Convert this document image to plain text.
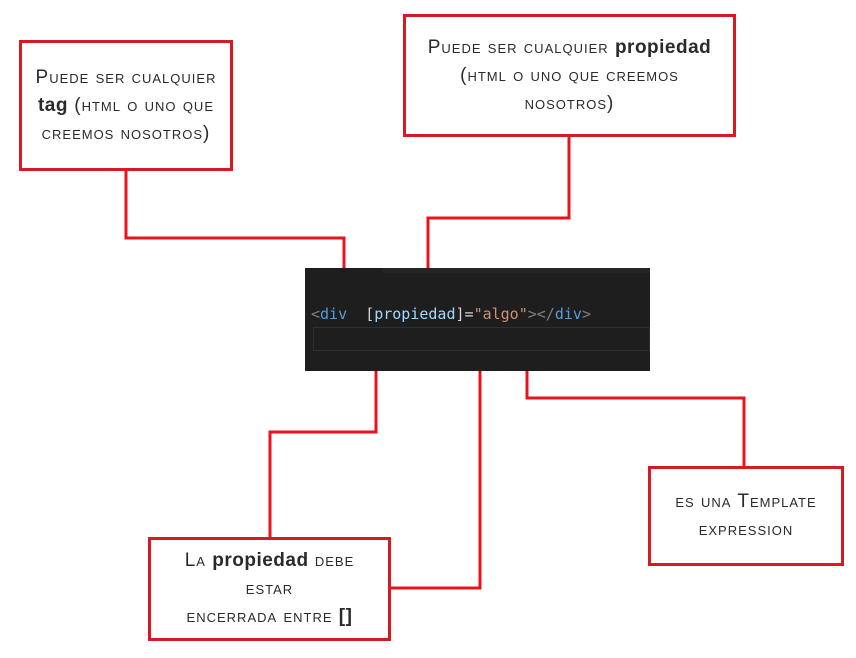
<div [propiedad]="algo"></div>
Puede ser cualquier
tag (html o uno que
creemos nosotros)
Puede ser cualquier propiedad
(html o uno que creemos
nosotros)
La propiedad debe estar
encerrada entre []
es una Template
expression
